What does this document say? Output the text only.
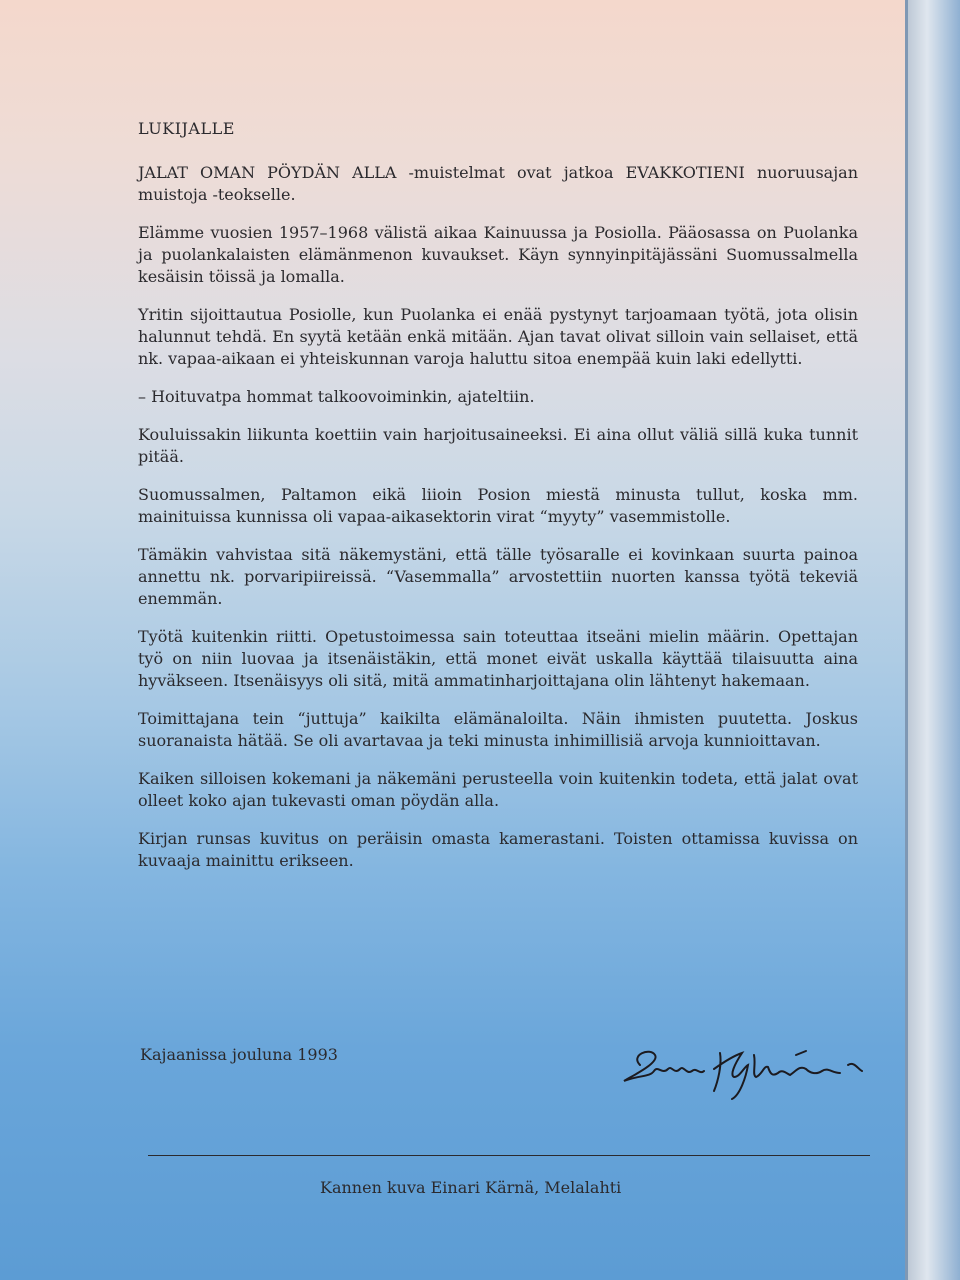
LUKIJALLE
JALAT OMAN PÖYDÄN ALLA -muistelmat ovat jatkoa EVAKKOTIENI nuoruusajan muistoja -teokselle.
Elämme vuosien 1957–1968 välistä aikaa Kainuussa ja Posiolla. Pääosassa on Puolanka ja puolankalaisten elämänmenon kuvaukset. Käyn synnyinpitäjässäni Suomussalmella kesäisin töissä ja lomalla.
Yritin sijoittautua Posiolle, kun Puolanka ei enää pystynyt tarjoamaan työtä, jota olisin halunnut tehdä. En syytä ketään enkä mitään. Ajan tavat olivat silloin vain sellaiset, että nk. vapaa-aikaan ei yhteiskunnan varoja haluttu sitoa enempää kuin laki edellytti.
– Hoituvatpa hommat talkoovoiminkin, ajateltiin.
Kouluissakin liikunta koettiin vain harjoitusaineeksi. Ei aina ollut väliä sillä kuka tunnit pitää.
Suomussalmen, Paltamon eikä liioin Posion miestä minusta tullut, koska mm. mainituissa kunnissa oli vapaa-aikasektorin virat “myyty” vasemmistolle.
Tämäkin vahvistaa sitä näkemystäni, että tälle työsaralle ei kovinkaan suurta painoa annettu nk. porvaripiireissä. “Vasemmalla” arvostettiin nuorten kanssa työtä tekeviä enemmän.
Työtä kuitenkin riitti. Opetustoimessa sain toteuttaa itseäni mielin määrin. Opettajan työ on niin luovaa ja itsenäistäkin, että monet eivät uskalla käyttää tilaisuutta aina hyväkseen. Itsenäisyys oli sitä, mitä ammatinharjoittajana olin lähtenyt hakemaan.
Toimittajana tein “juttuja” kaikilta elämänaloilta. Näin ihmisten puutetta. Joskus suoranaista hätää. Se oli avartavaa ja teki minusta inhimillisiä arvoja kunnioittavan.
Kaiken silloisen kokemani ja näkemäni perusteella voin kuitenkin todeta, että jalat ovat olleet koko ajan tukevasti oman pöydän alla.
Kirjan runsas kuvitus on peräisin omasta kamerastani. Toisten ottamissa kuvissa on kuvaaja mainittu erikseen.
Kajaanissa jouluna 1993
Kannen kuva Einari Kärnä, Melalahti
